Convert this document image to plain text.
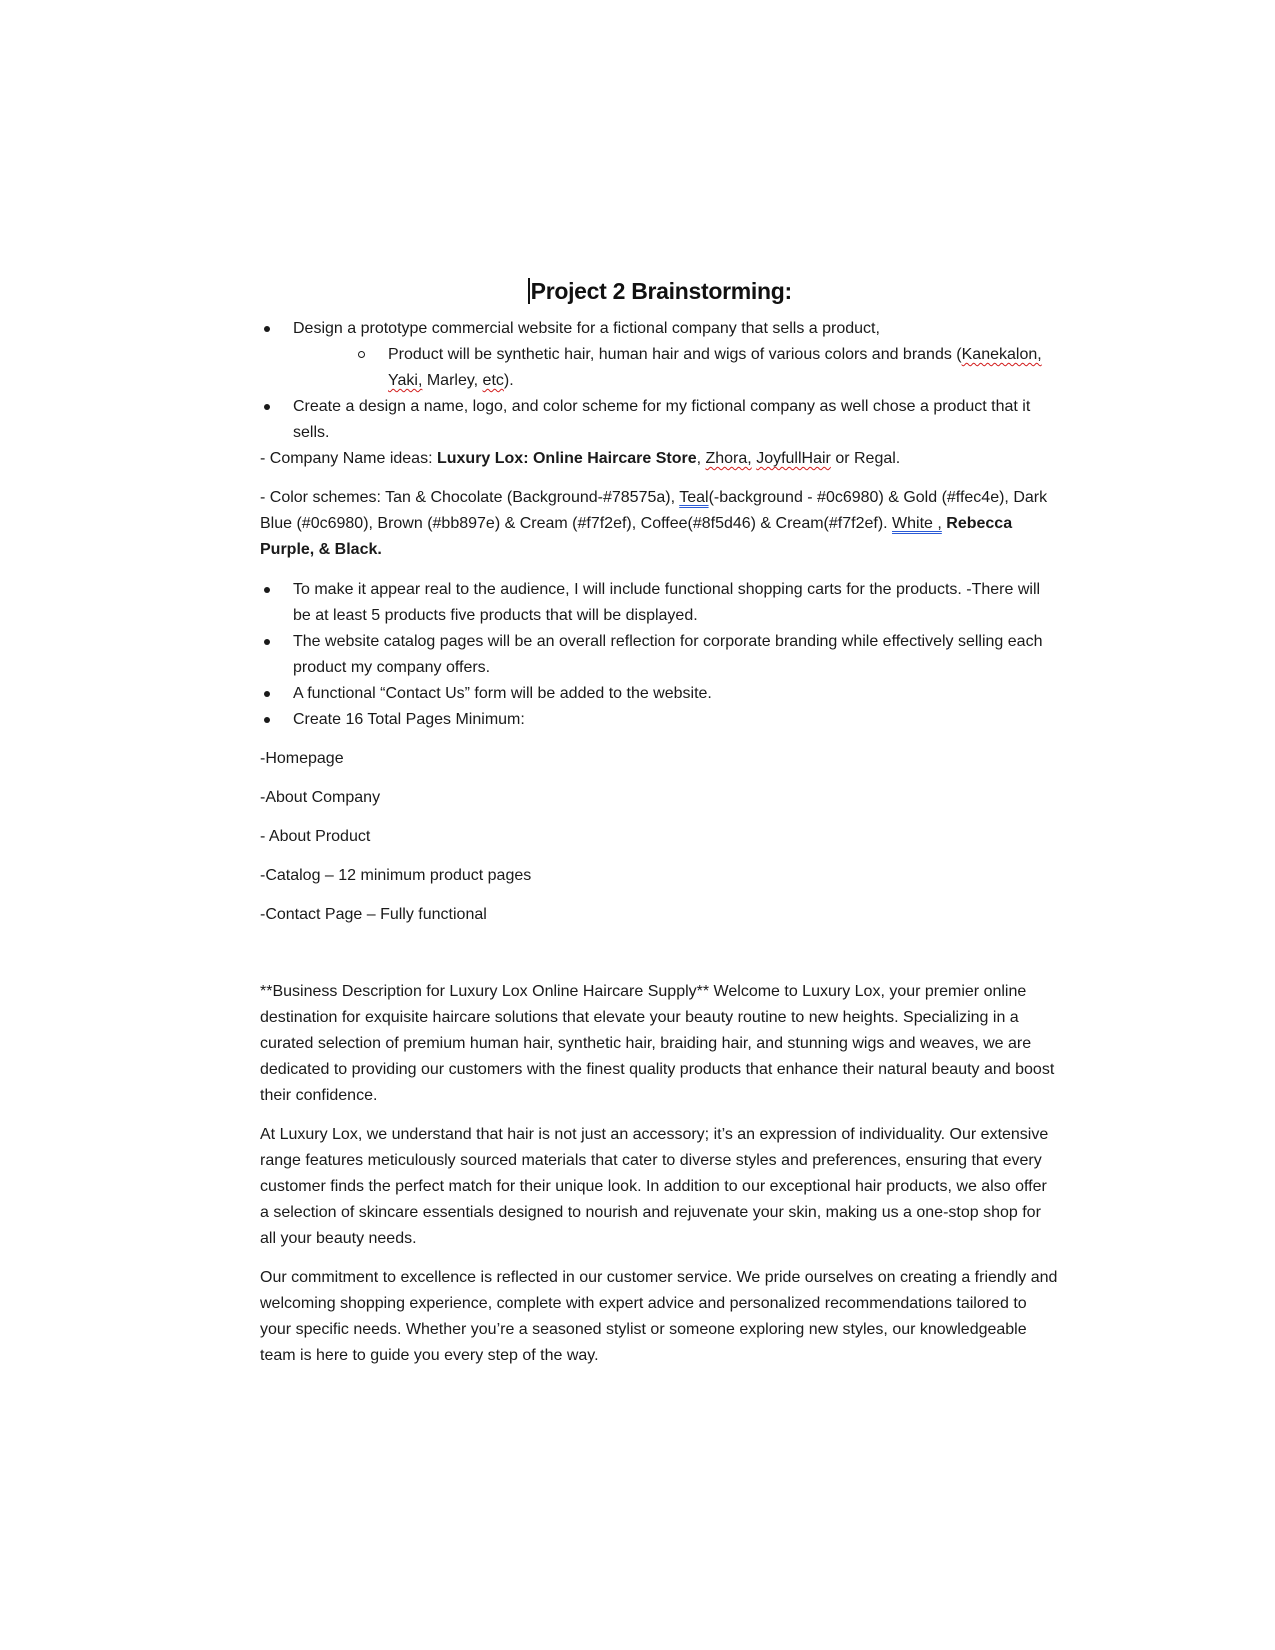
Project 2 Brainstorming:
Design a prototype commercial website for a fictional company that sells a product,
Product will be synthetic hair, human hair and wigs of various colors and brands (Kanekalon, Yaki, Marley, etc).
Create a design a name, logo, and color scheme for my fictional company as well chose a product that it sells.

- Company Name ideas: Luxury Lox: Online Haircare Store, Zhora, JoyfullHair or Regal.

- Color schemes: Tan & Chocolate (Background-#78575a), Teal(-background - #0c6980) & Gold (#ffec4e), Dark Blue (#0c6980), Brown (#bb897e) & Cream (#f7f2ef), Coffee(#8f5d46) & Cream(#f7f2ef). White , Rebecca Purple, & Black.

To make it appear real to the audience, I will include functional shopping carts for the products. -There will be at least 5 products five products that will be displayed.
The website catalog pages will be an overall reflection for corporate branding while effectively selling each product my company offers.
A functional “Contact Us” form will be added to the website.
Create 16 Total Pages Minimum:

-Homepage

-About Company

- About Product

-Catalog – 12 minimum product pages

-Contact Page – Fully functional

**Business Description for Luxury Lox Online Haircare Supply** Welcome to Luxury Lox, your premier online destination for exquisite haircare solutions that elevate your beauty routine to new heights. Specializing in a curated selection of premium human hair, synthetic hair, braiding hair, and stunning wigs and weaves, we are dedicated to providing our customers with the finest quality products that enhance their natural beauty and boost their confidence.

At Luxury Lox, we understand that hair is not just an accessory; it’s an expression of individuality. Our extensive range features meticulously sourced materials that cater to diverse styles and preferences, ensuring that every customer finds the perfect match for their unique look. In addition to our exceptional hair products, we also offer a selection of skincare essentials designed to nourish and rejuvenate your skin, making us a one-stop shop for all your beauty needs.

Our commitment to excellence is reflected in our customer service. We pride ourselves on creating a friendly and welcoming shopping experience, complete with expert advice and personalized recommendations tailored to your specific needs. Whether you’re a seasoned stylist or someone exploring new styles, our knowledgeable team is here to guide you every step of the way.
